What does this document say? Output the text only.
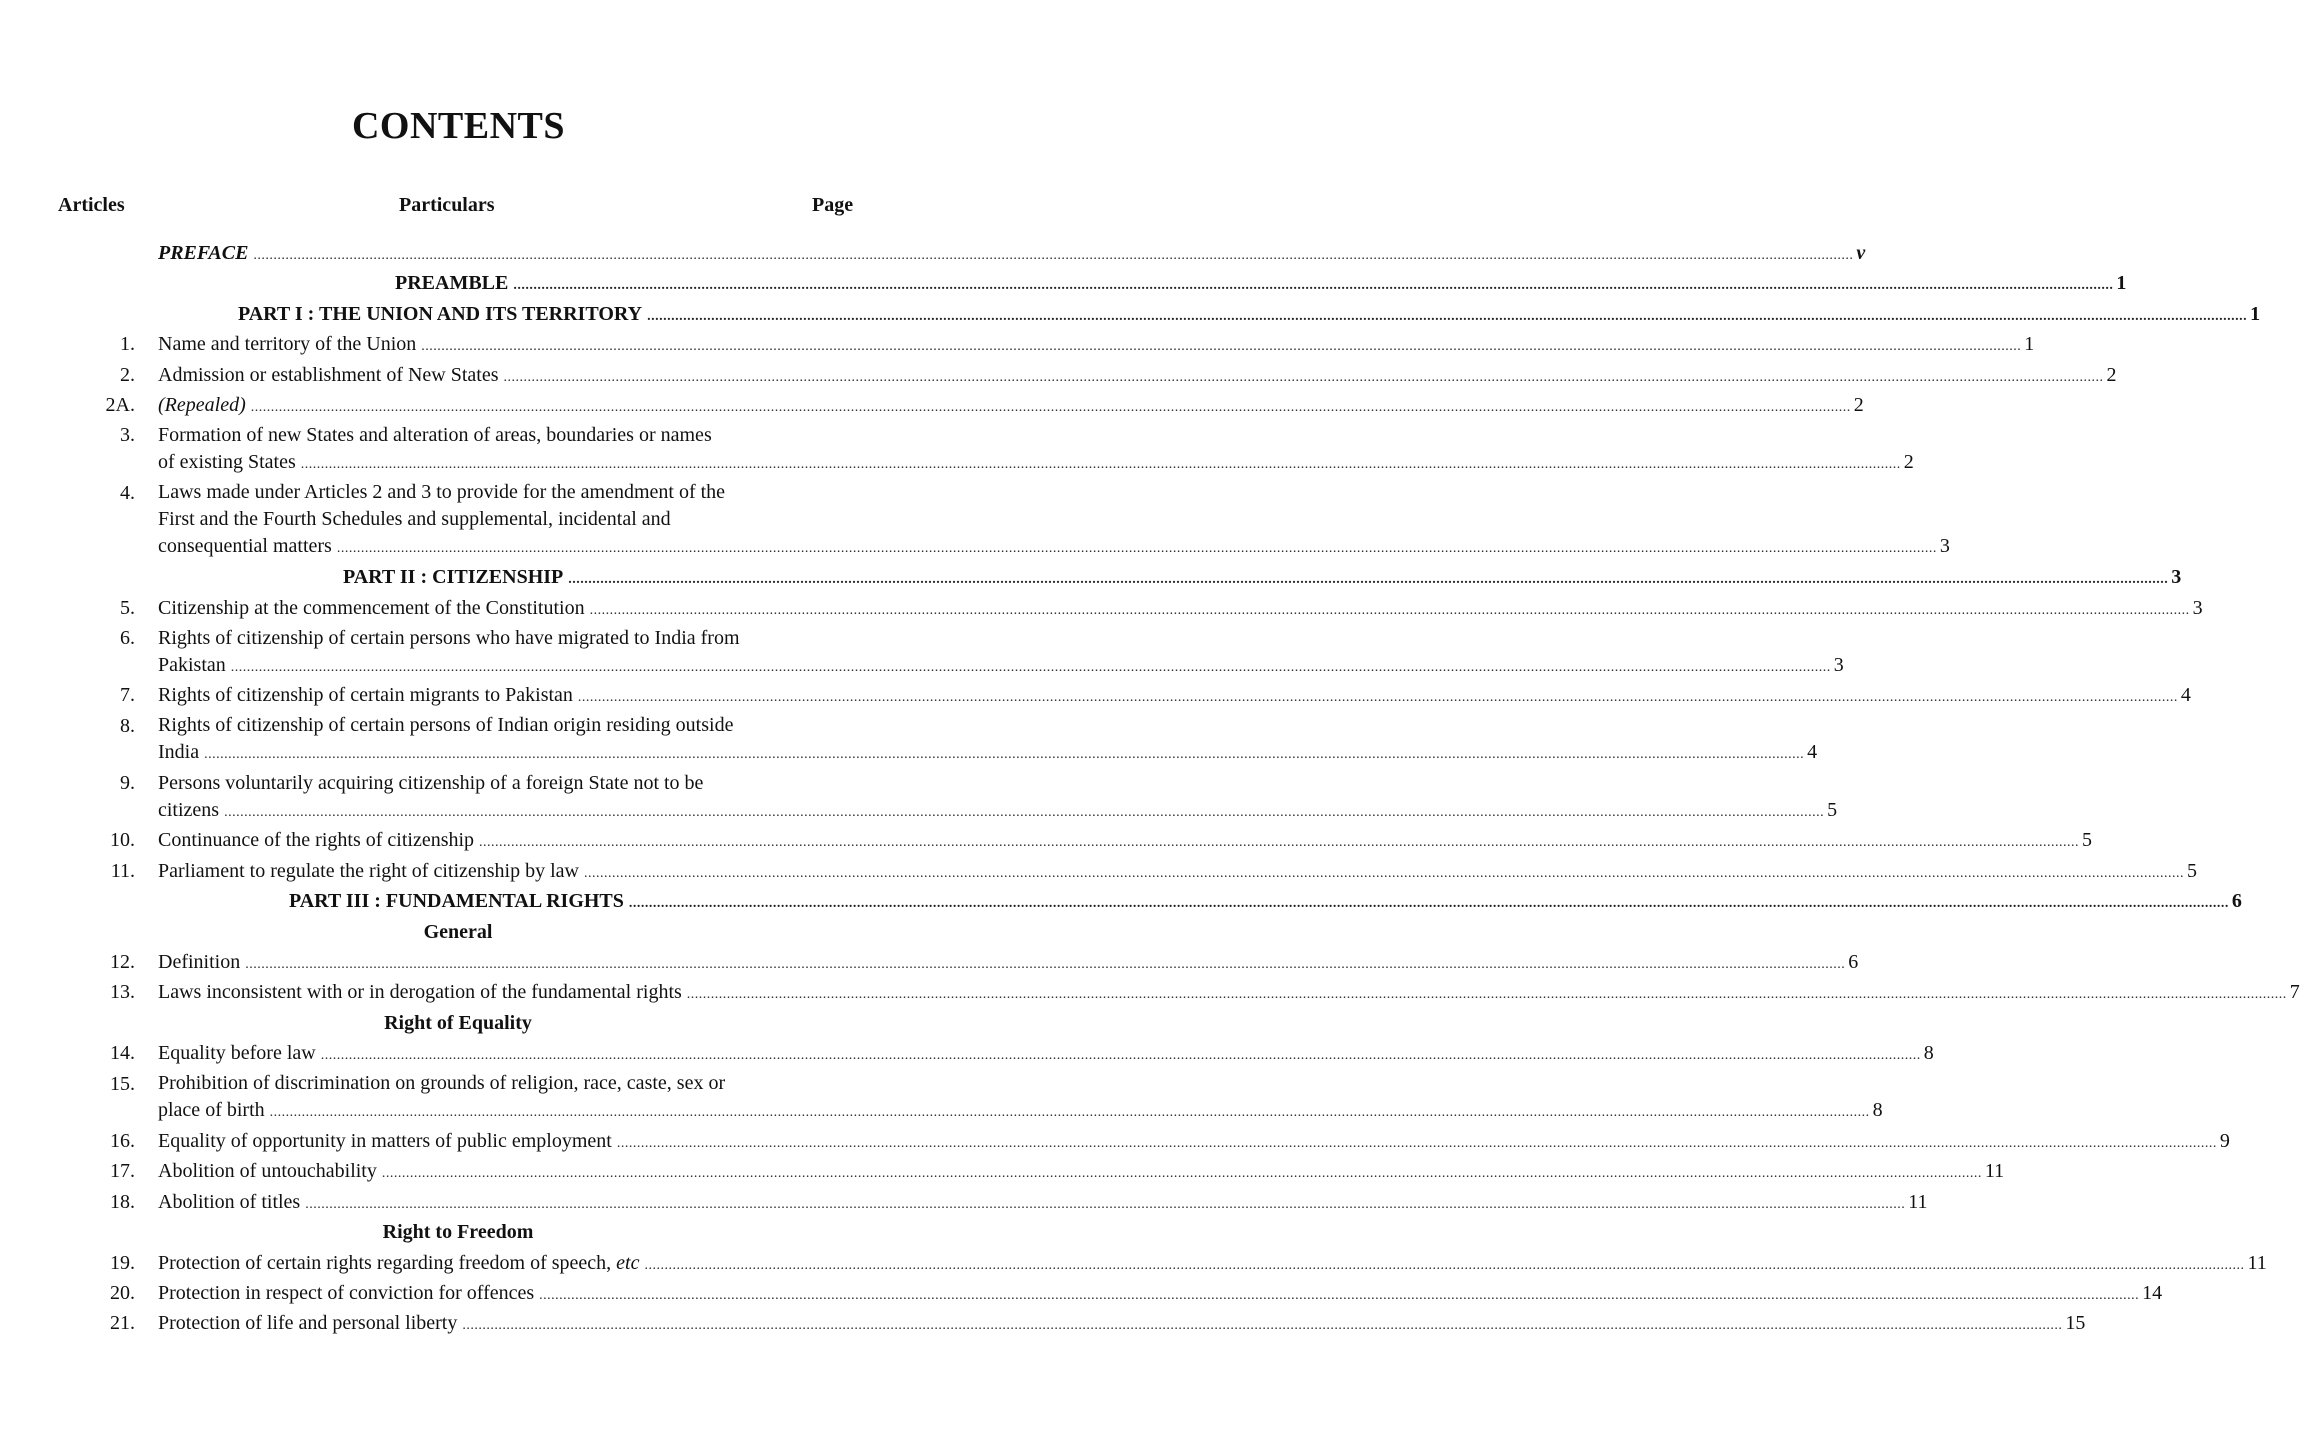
CONTENTS
Articles	Particulars	Page
PREFACE ................................................................................................................................................................................................................................................................................................................................................................................................................ v
PREAMBLE ................................................................................................................................................................................................................................................................................................................................................................................................................ 1
PART I : THE UNION AND ITS TERRITORY ................................................................................................................................................................................................................................................................................................................................................................................................................ 1
1. Name and territory of the Union ................................................................................................................................................................................................................................................................................................................................................................................................................ 1
2. Admission or establishment of New States ................................................................................................................................................................................................................................................................................................................................................................................................................ 2
2A. (Repealed) ................................................................................................................................................................................................................................................................................................................................................................................................................ 2
3. Formation of new States and alteration of areas, boundaries or names
of existing States ................................................................................................................................................................................................................................................................................................................................................................................................................ 2
4. Laws made under Articles 2 and 3 to provide for the amendment of the
First and the Fourth Schedules and supplemental, incidental and
consequential matters ................................................................................................................................................................................................................................................................................................................................................................................................................ 3
PART II : CITIZENSHIP ................................................................................................................................................................................................................................................................................................................................................................................................................ 3
5. Citizenship at the commencement of the Constitution ................................................................................................................................................................................................................................................................................................................................................................................................................ 3
6. Rights of citizenship of certain persons who have migrated to India from
Pakistan ................................................................................................................................................................................................................................................................................................................................................................................................................ 3
7. Rights of citizenship of certain migrants to Pakistan ................................................................................................................................................................................................................................................................................................................................................................................................................ 4
8. Rights of citizenship of certain persons of Indian origin residing outside
India ................................................................................................................................................................................................................................................................................................................................................................................................................ 4
9. Persons voluntarily acquiring citizenship of a foreign State not to be
citizens ................................................................................................................................................................................................................................................................................................................................................................................................................ 5
10. Continuance of the rights of citizenship ................................................................................................................................................................................................................................................................................................................................................................................................................ 5
11. Parliament to regulate the right of citizenship by law ................................................................................................................................................................................................................................................................................................................................................................................................................ 5
PART III : FUNDAMENTAL RIGHTS ................................................................................................................................................................................................................................................................................................................................................................................................................ 6
General
12. Definition ................................................................................................................................................................................................................................................................................................................................................................................................................ 6
13. Laws inconsistent with or in derogation of the fundamental rights ................................................................................................................................................................................................................................................................................................................................................................................................................ 7
Right of Equality
14. Equality before law ................................................................................................................................................................................................................................................................................................................................................................................................................ 8
15. Prohibition of discrimination on grounds of religion, race, caste, sex or
place of birth ................................................................................................................................................................................................................................................................................................................................................................................................................ 8
16. Equality of opportunity in matters of public employment ................................................................................................................................................................................................................................................................................................................................................................................................................ 9
17. Abolition of untouchability ................................................................................................................................................................................................................................................................................................................................................................................................................ 11
18. Abolition of titles ................................................................................................................................................................................................................................................................................................................................................................................................................ 11
Right to Freedom
19. Protection of certain rights regarding freedom of speech, etc ................................................................................................................................................................................................................................................................................................................................................................................................................ 11
20. Protection in respect of conviction for offences ................................................................................................................................................................................................................................................................................................................................................................................................................ 14
21. Protection of life and personal liberty ................................................................................................................................................................................................................................................................................................................................................................................................................ 15
